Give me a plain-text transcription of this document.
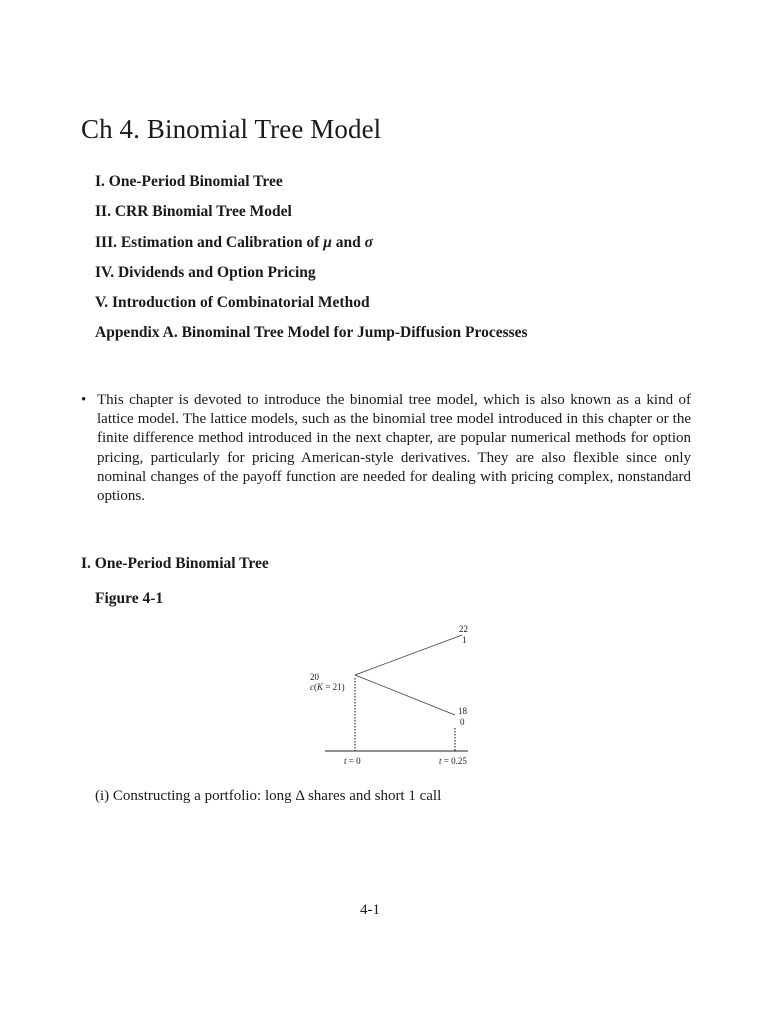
Ch 4. Binomial Tree Model
I. One-Period Binomial Tree
II. CRR Binomial Tree Model
III. Estimation and Calibration of μ and σ
IV. Dividends and Option Pricing
V. Introduction of Combinatorial Method
Appendix A. Binominal Tree Model for Jump-Diffusion Processes
• This chapter is devoted to introduce the binomial tree model, which is also known as a kind of lattice model. The lattice models, such as the binomial tree model introduced in this chapter or the finite difference method introduced in the next chapter, are popular numerical methods for option pricing, particularly for pricing American-style derivatives. They are also flexible since only nominal changes of the payoff function are needed for dealing with pricing complex, nonstandard options.
I. One-Period Binomial Tree
Figure 4-1
20
c(K = 21)
22
1
18
0
t = 0	t = 0.25
(i) Constructing a portfolio: long Δ shares and short 1 call
4-1
